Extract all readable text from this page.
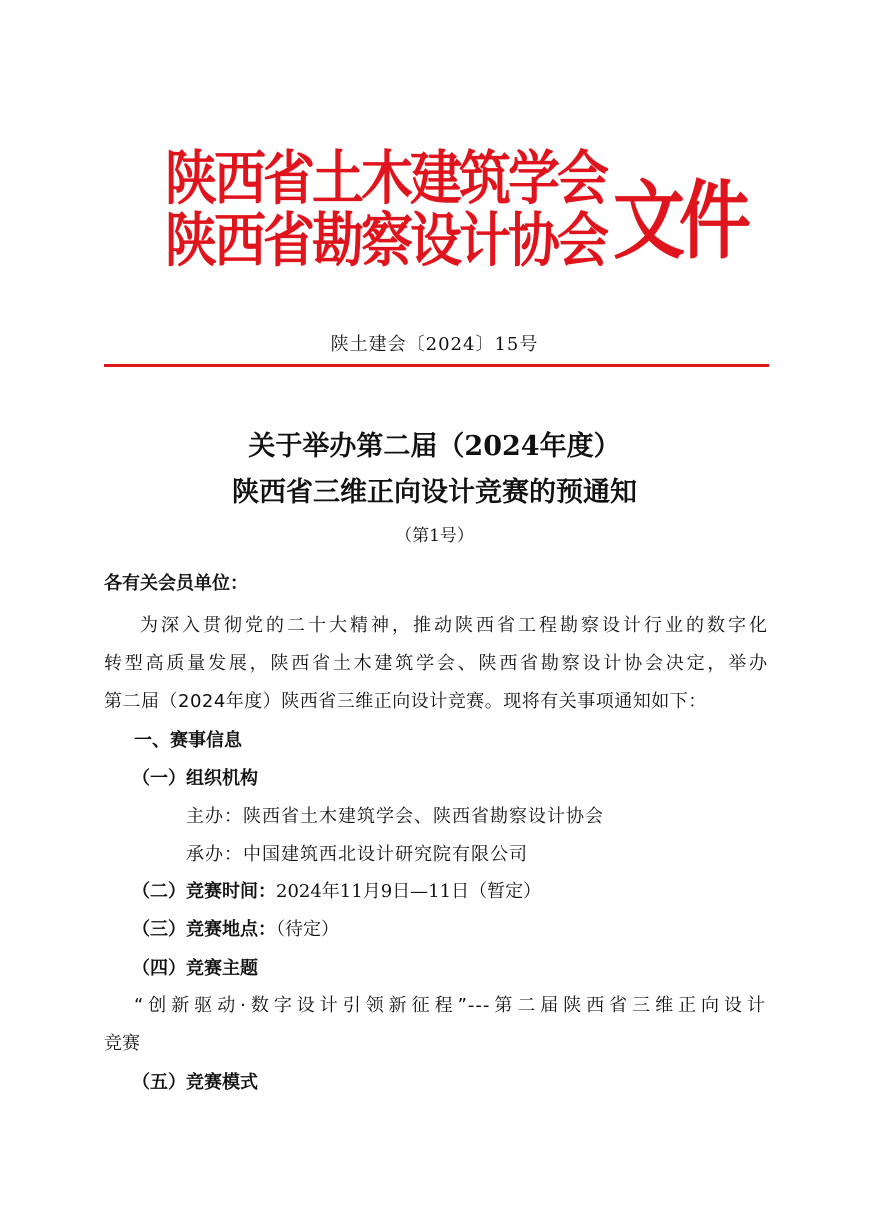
陕西省土木建筑学会
陕西省勘察设计协会 文件
陕土建会〔2024〕15号
关于举办第二届（2024年度）
陕西省三维正向设计竞赛的预通知
（第1号）
各有关会员单位：
为深入贯彻党的二十大精神，推动陕西省工程勘察设计行业的数字化
转型高质量发展，陕西省土木建筑学会、陕西省勘察设计协会决定，举办
第二届（2024年度）陕西省三维正向设计竞赛。现将有关事项通知如下：
一、赛事信息
（一）组织机构
主办：陕西省土木建筑学会、陕西省勘察设计协会
承办：中国建筑西北设计研究院有限公司
（二）竞赛时间：2024年11月9日—11日（暂定）
（三）竞赛地点：（待定）
（四）竞赛主题
“创新驱动·数字设计引领新征程”---第二届陕西省三维正向设计
竞赛
（五）竞赛模式
